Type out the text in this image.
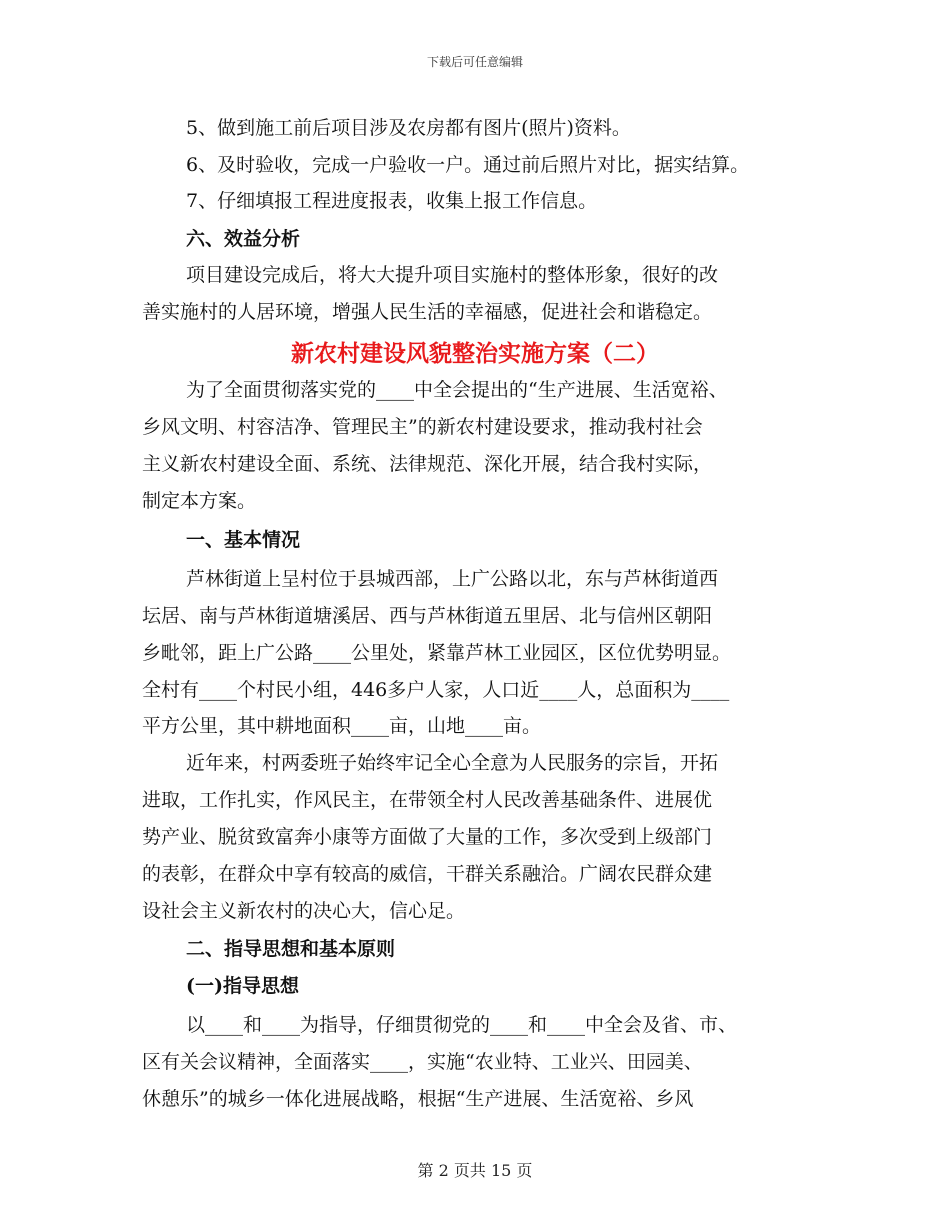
下载后可任意编辑
5、做到施工前后项目涉及农房都有图片(照片)资料。
6、及时验收，完成一户验收一户。通过前后照片对比，据实结算。
7、仔细填报工程进度报表，收集上报工作信息。
六、效益分析
项目建设完成后，将大大提升项目实施村的整体形象，很好的改
善实施村的人居环境，增强人民生活的幸福感，促进社会和谐稳定。
新农村建设风貌整治实施方案（二）
为了全面贯彻落实党的____中全会提出的“生产进展、生活宽裕、
乡风文明、村容洁净、管理民主”的新农村建设要求，推动我村社会
主义新农村建设全面、系统、法律规范、深化开展，结合我村实际，
制定本方案。
一、基本情况
芦林街道上呈村位于县城西部，上广公路以北，东与芦林街道西
坛居、南与芦林街道塘溪居、西与芦林街道五里居、北与信州区朝阳
乡毗邻，距上广公路____公里处，紧靠芦林工业园区，区位优势明显。
全村有____个村民小组，446多户人家，人口近____人，总面积为____
平方公里，其中耕地面积____亩，山地____亩。
近年来，村两委班子始终牢记全心全意为人民服务的宗旨，开拓
进取，工作扎实，作风民主，在带领全村人民改善基础条件、进展优
势产业、脱贫致富奔小康等方面做了大量的工作，多次受到上级部门
的表彰，在群众中享有较高的威信，干群关系融洽。广阔农民群众建
设社会主义新农村的决心大，信心足。
二、指导思想和基本原则
(一)指导思想
以____和____为指导，仔细贯彻党的____和____中全会及省、市、
区有关会议精神，全面落实____，实施“农业特、工业兴、田园美、
休憩乐”的城乡一体化进展战略，根据“生产进展、生活宽裕、乡风
第 2 页共 15 页
